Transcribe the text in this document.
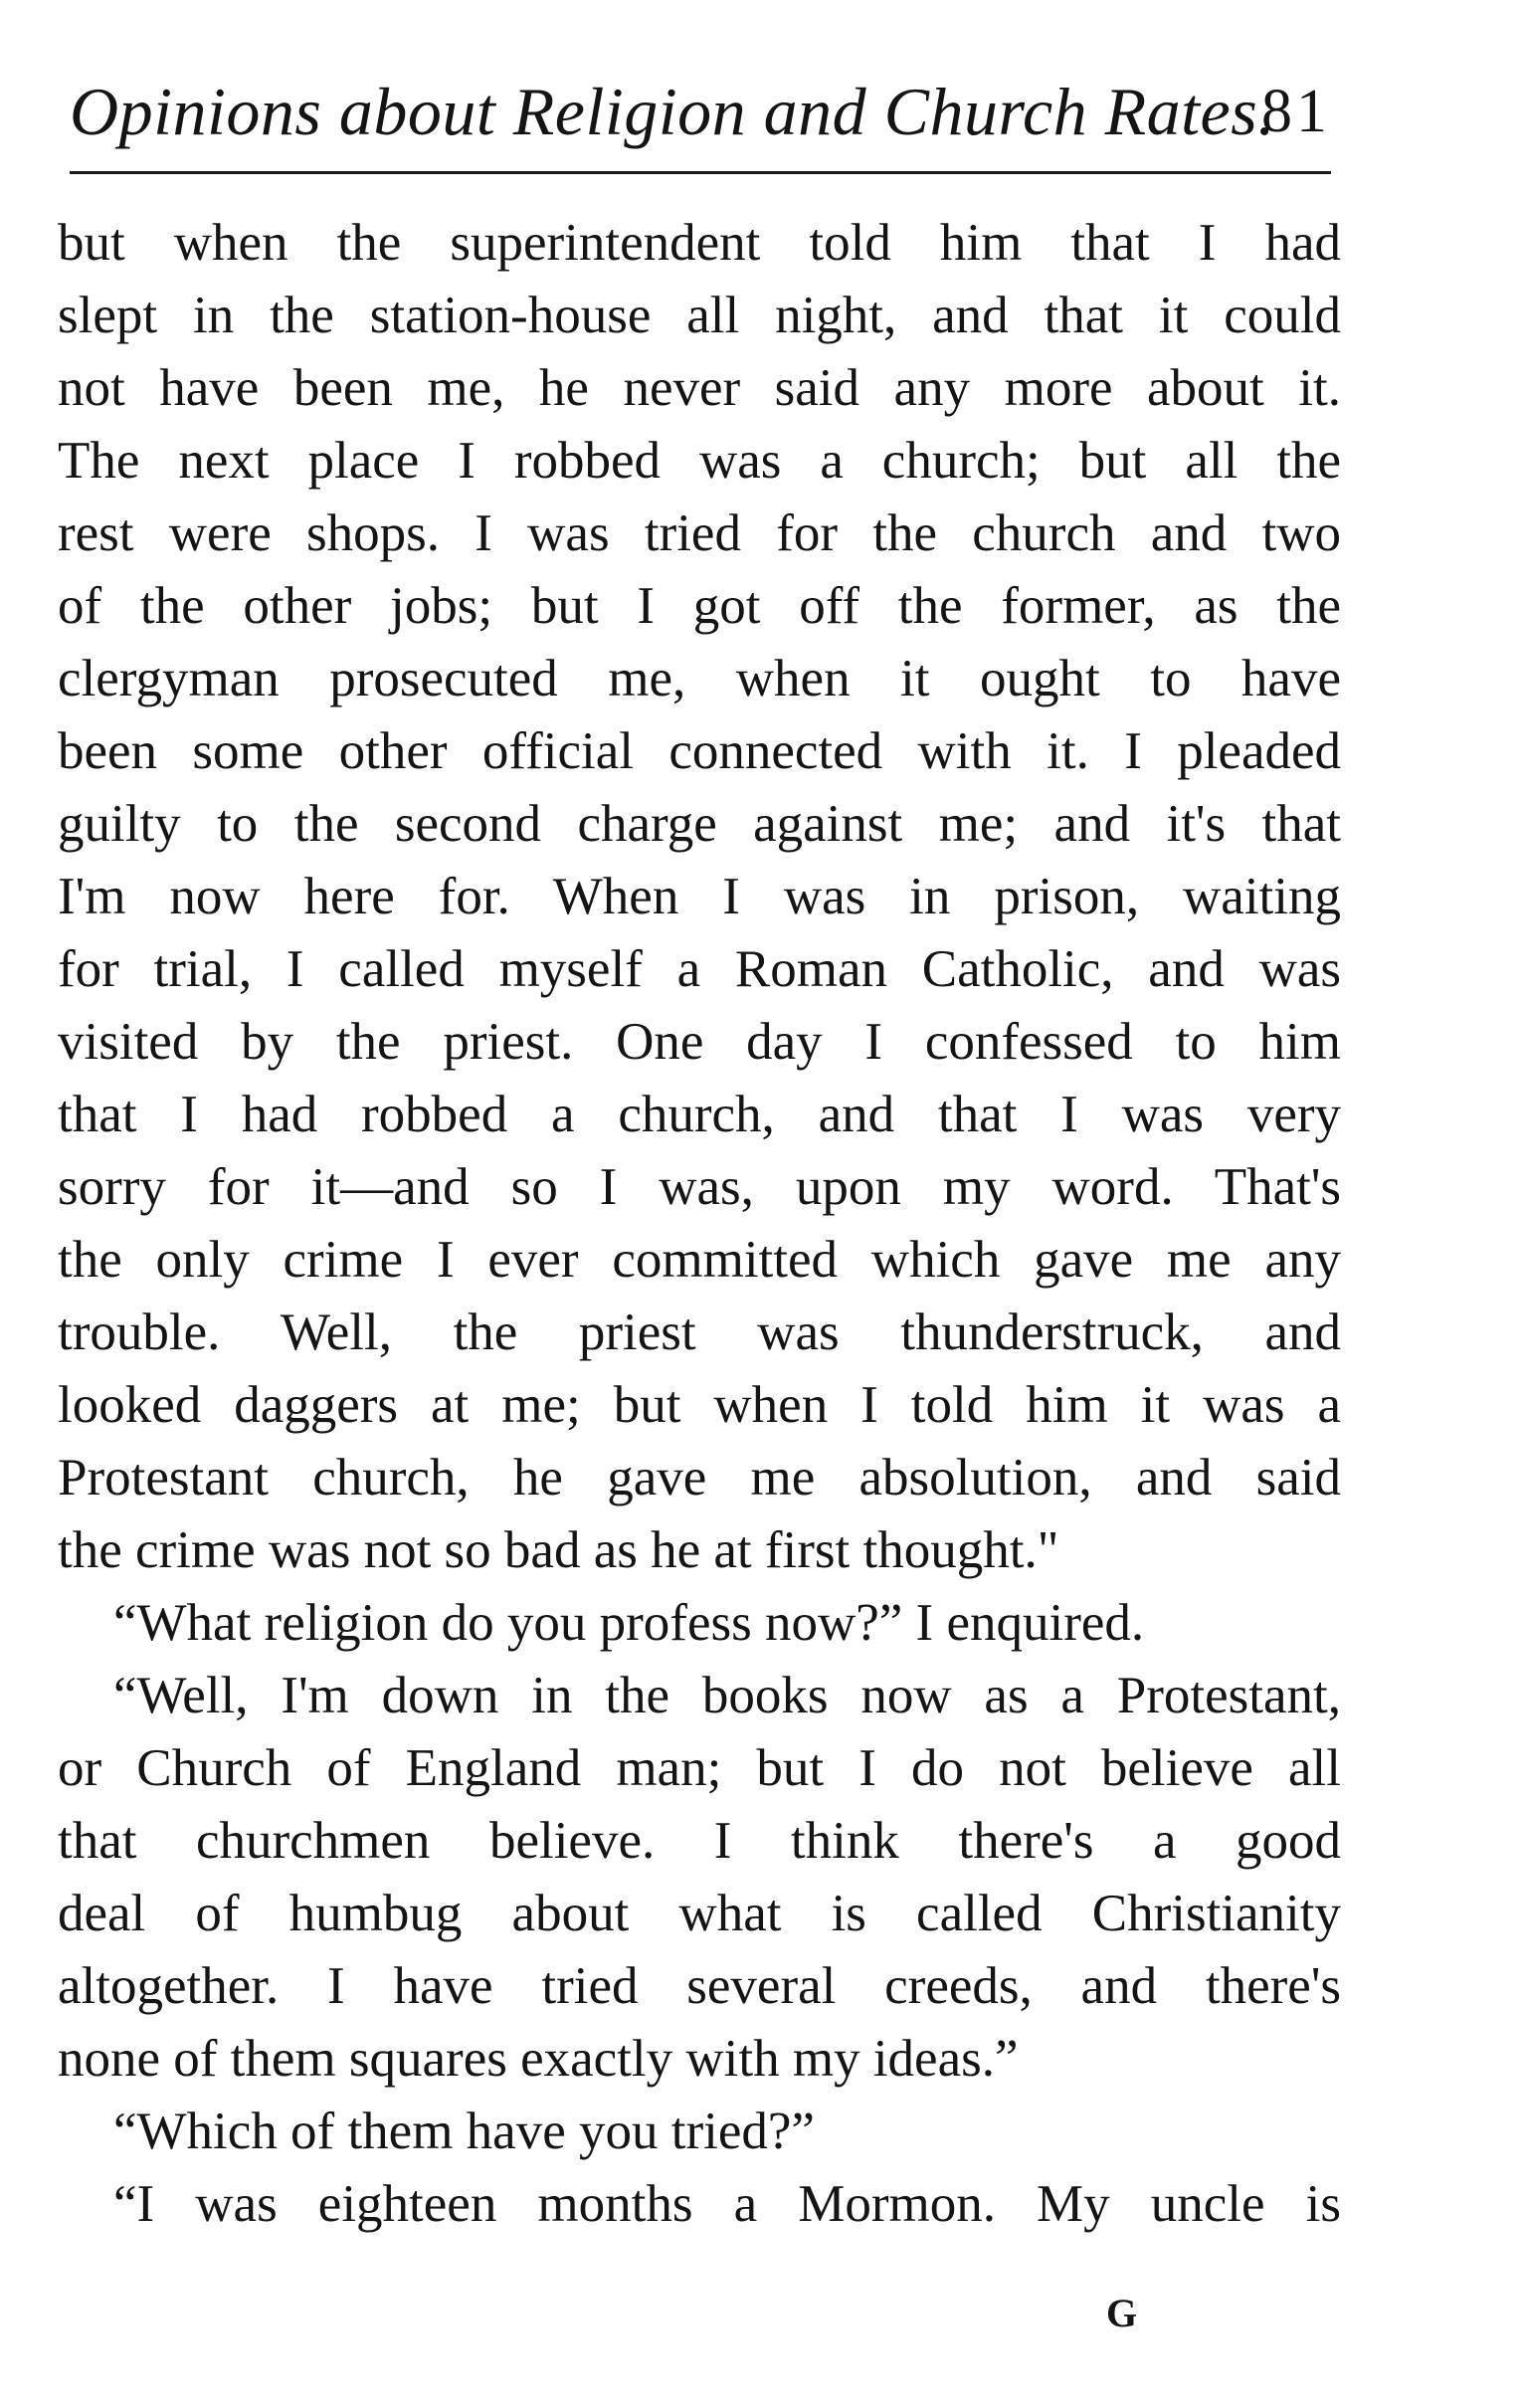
Opinions about Religion and Church Rates.
81
but when the superintendent told him that I had
slept in the station-house all night, and that it could
not have been me, he never said any more about it.
The next place I robbed was a church; but all the
rest were shops. I was tried for the church and two
of the other jobs; but I got off the former, as the
clergyman prosecuted me, when it ought to have
been some other official connected with it. I pleaded
guilty to the second charge against me; and it's that
I'm now here for. When I was in prison, waiting
for trial, I called myself a Roman Catholic, and was
visited by the priest. One day I confessed to him
that I had robbed a church, and that I was very
sorry for it—and so I was, upon my word. That's
the only crime I ever committed which gave me any
trouble. Well, the priest was thunderstruck, and
looked daggers at me; but when I told him it was a
Protestant church, he gave me absolution, and said
the crime was not so bad as he at first thought."
“What religion do you profess now?” I enquired.
“Well, I'm down in the books now as a Protestant,
or Church of England man; but I do not believe all
that churchmen believe. I think there's a good
deal of humbug about what is called Christianity
altogether. I have tried several creeds, and there's
none of them squares exactly with my ideas.”
“Which of them have you tried?”
“I was eighteen months a Mormon. My uncle is
G
